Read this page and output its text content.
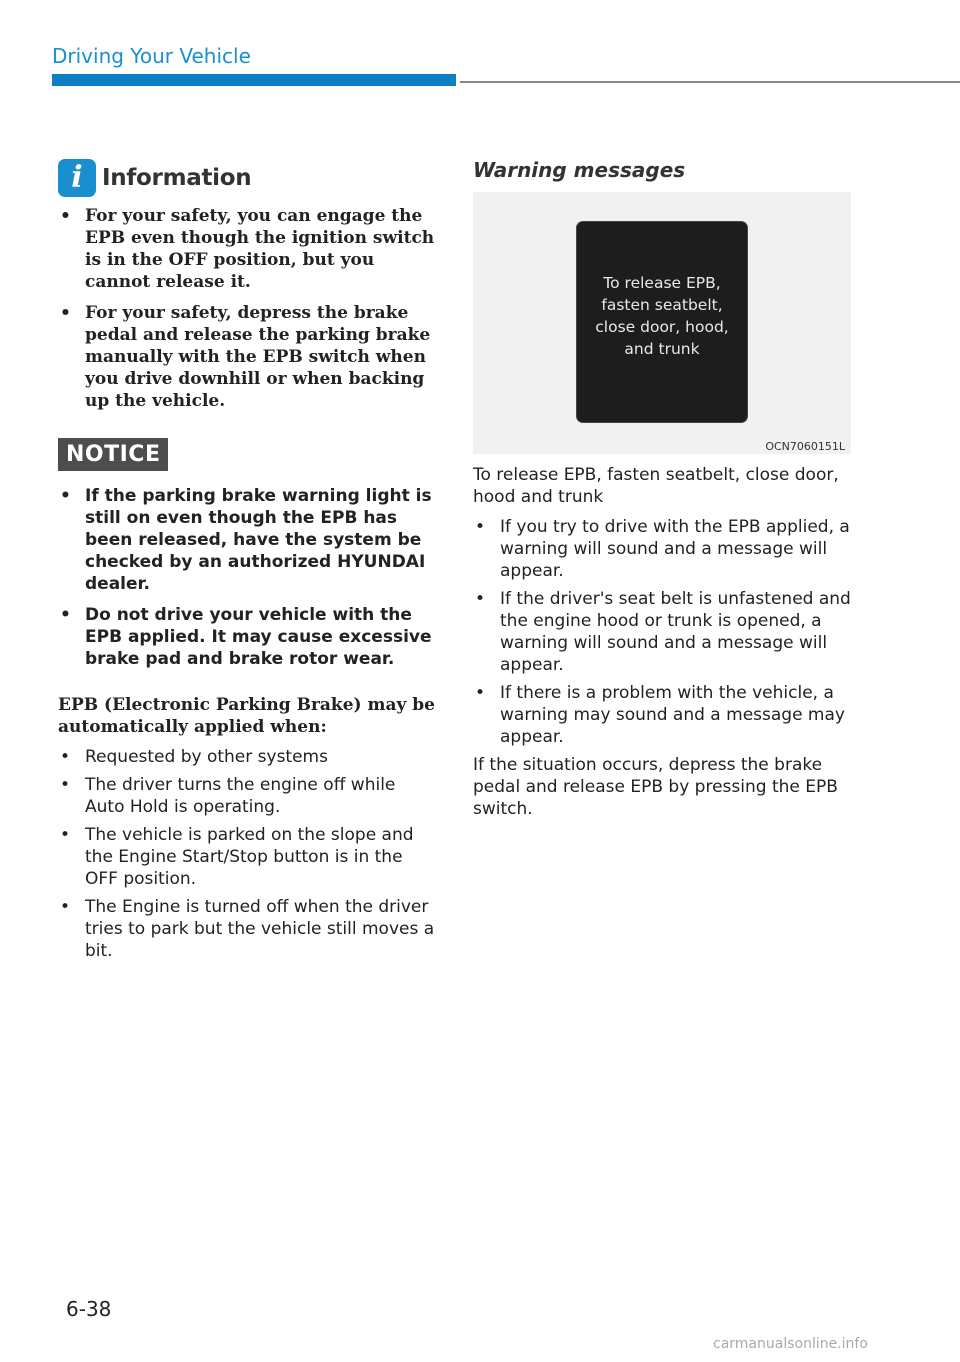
Driving Your Vehicle
i Information
• For your safety, you can engage the EPB even though the ignition switch is in the OFF position, but you cannot release it.
• For your safety, depress the brake pedal and release the parking brake manually with the EPB switch when you drive downhill or when backing up the vehicle.
NOTICE
• If the parking brake warning light is still on even though the EPB has been released, have the system be checked by an authorized HYUNDAI dealer.
• Do not drive your vehicle with the EPB applied. It may cause excessive brake pad and brake rotor wear.
EPB (Electronic Parking Brake) may be automatically applied when:
• Requested by other systems
• The driver turns the engine off while Auto Hold is operating.
• The vehicle is parked on the slope and the Engine Start/Stop button is in the OFF position.
• The Engine is turned off when the driver tries to park but the vehicle still moves a bit.
Warning messages
To release EPB,
fasten seatbelt,
close door, hood,
and trunk
OCN7060151L
To release EPB, fasten seatbelt, close door, hood and trunk
• If you try to drive with the EPB applied, a warning will sound and a message will appear.
• If the driver's seat belt is unfastened and the engine hood or trunk is opened, a warning will sound and a message will appear.
• If there is a problem with the vehicle, a warning may sound and a message may appear.
If the situation occurs, depress the brake pedal and release EPB by pressing the EPB switch.
6-38
carmanualsonline.info
